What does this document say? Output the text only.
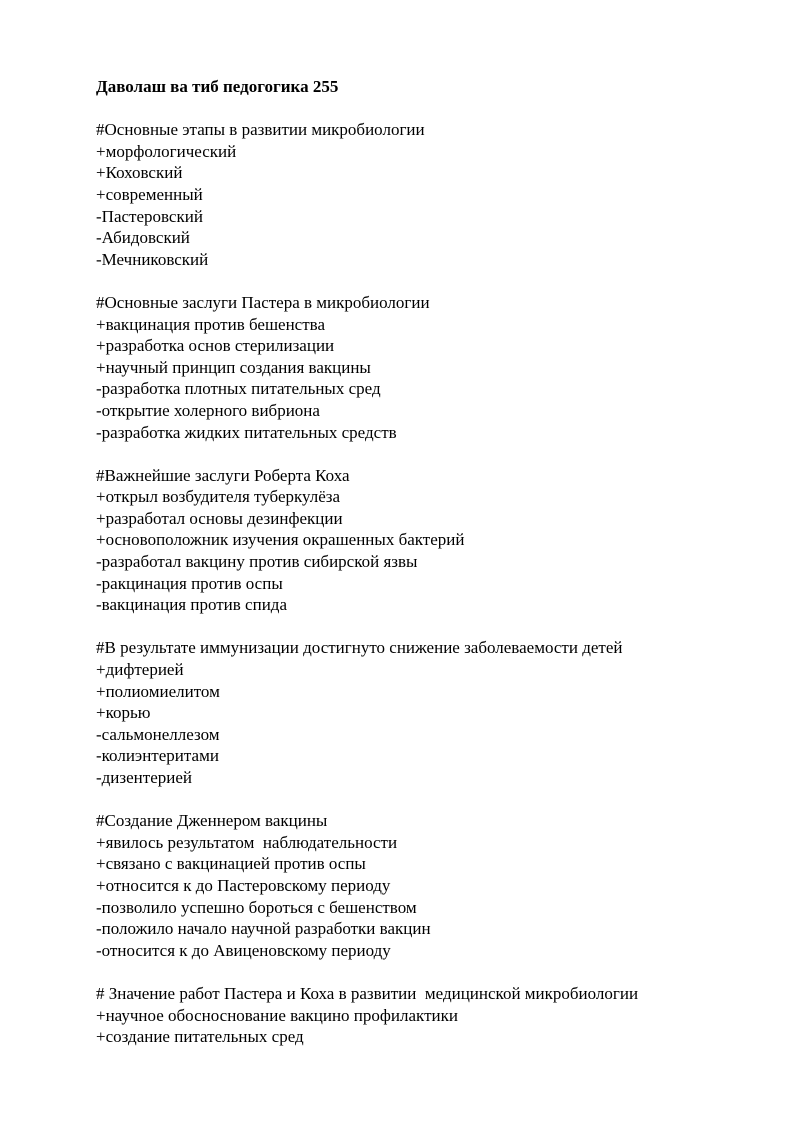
Даволаш ва тиб педогогика 255
#Основные этапы в развитии микробиологии
+морфологический
+Коховский
+современный
-Пастеровский
-Абидовский
-Мечниковский
#Основные заслуги Пастера в микробиологии
+вакцинация против бешенства
+разработка основ стерилизации
+научный принцип создания вакцины
-разработка плотных питательных сред
-открытие холерного вибриона
-разработка жидких питательных средств
#Важнейшие заслуги Роберта Коха
+открыл возбудителя туберкулёза
+разработал основы дезинфекции
+основоположник изучения окрашенных бактерий
-разработал вакцину против сибирской язвы
-ракцинация против оспы
-вакцинация против спида
#В результате иммунизации достигнуто снижение заболеваемости детей
+дифтерией
+полиомиелитом
+корью
-сальмонеллезом
-колиэнтеритами
-дизентерией
#Создание Дженнером вакцины
+явилось результатом  наблюдательности
+связано с вакцинацией против оспы
+относится к до Пастеровскому периоду
-позволило успешно бороться с бешенством
-положило начало научной разработки вакцин
-относится к до Авиценовскому периоду
# Значение работ Пастера и Коха в развитии  медицинской микробиологии
+научное обосноснование вакцино профилактики
+создание питательных сред
